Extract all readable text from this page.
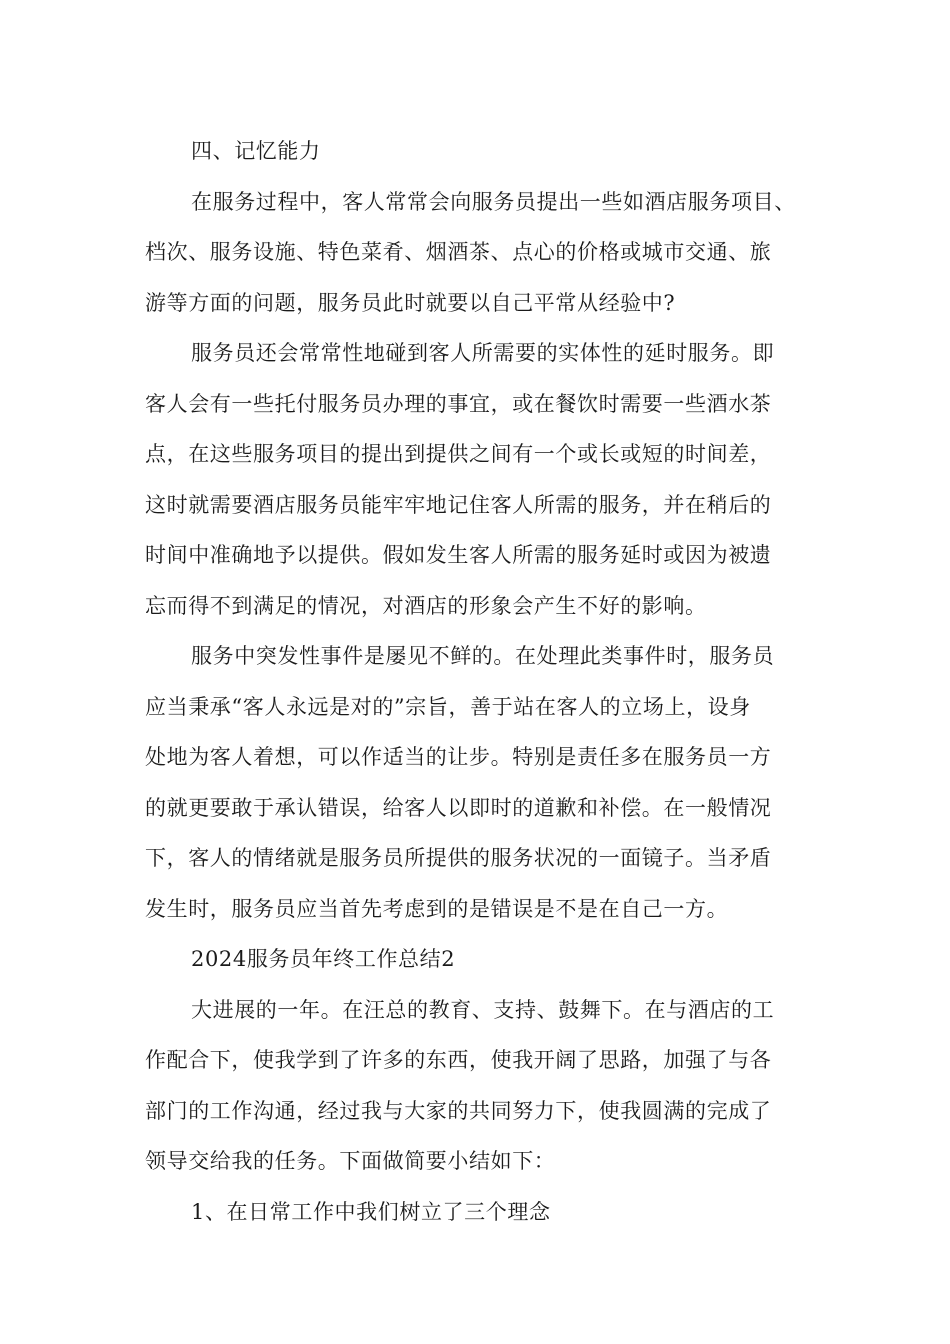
四、记忆能力
在服务过程中，客人常常会向服务员提出一些如酒店服务项目、
档次、服务设施、特色菜肴、烟酒茶、点心的价格或城市交通、旅
游等方面的问题，服务员此时就要以自己平常从经验中?
服务员还会常常性地碰到客人所需要的实体性的延时服务。即
客人会有一些托付服务员办理的事宜，或在餐饮时需要一些酒水茶
点，在这些服务项目的提出到提供之间有一个或长或短的时间差，
这时就需要酒店服务员能牢牢地记住客人所需的服务，并在稍后的
时间中准确地予以提供。假如发生客人所需的服务延时或因为被遗
忘而得不到满足的情况，对酒店的形象会产生不好的影响。
服务中突发性事件是屡见不鲜的。在处理此类事件时，服务员
应当秉承“客人永远是对的”宗旨，善于站在客人的立场上，设身
处地为客人着想，可以作适当的让步。特别是责任多在服务员一方
的就更要敢于承认错误，给客人以即时的道歉和补偿。在一般情况
下，客人的情绪就是服务员所提供的服务状况的一面镜子。当矛盾
发生时，服务员应当首先考虑到的是错误是不是在自己一方。
2024服务员年终工作总结2
大进展的一年。在汪总的教育、支持、鼓舞下。在与酒店的工
作配合下，使我学到了许多的东西，使我开阔了思路，加强了与各
部门的工作沟通，经过我与大家的共同努力下，使我圆满的完成了
领导交给我的任务。下面做简要小结如下：
1、在日常工作中我们树立了三个理念
